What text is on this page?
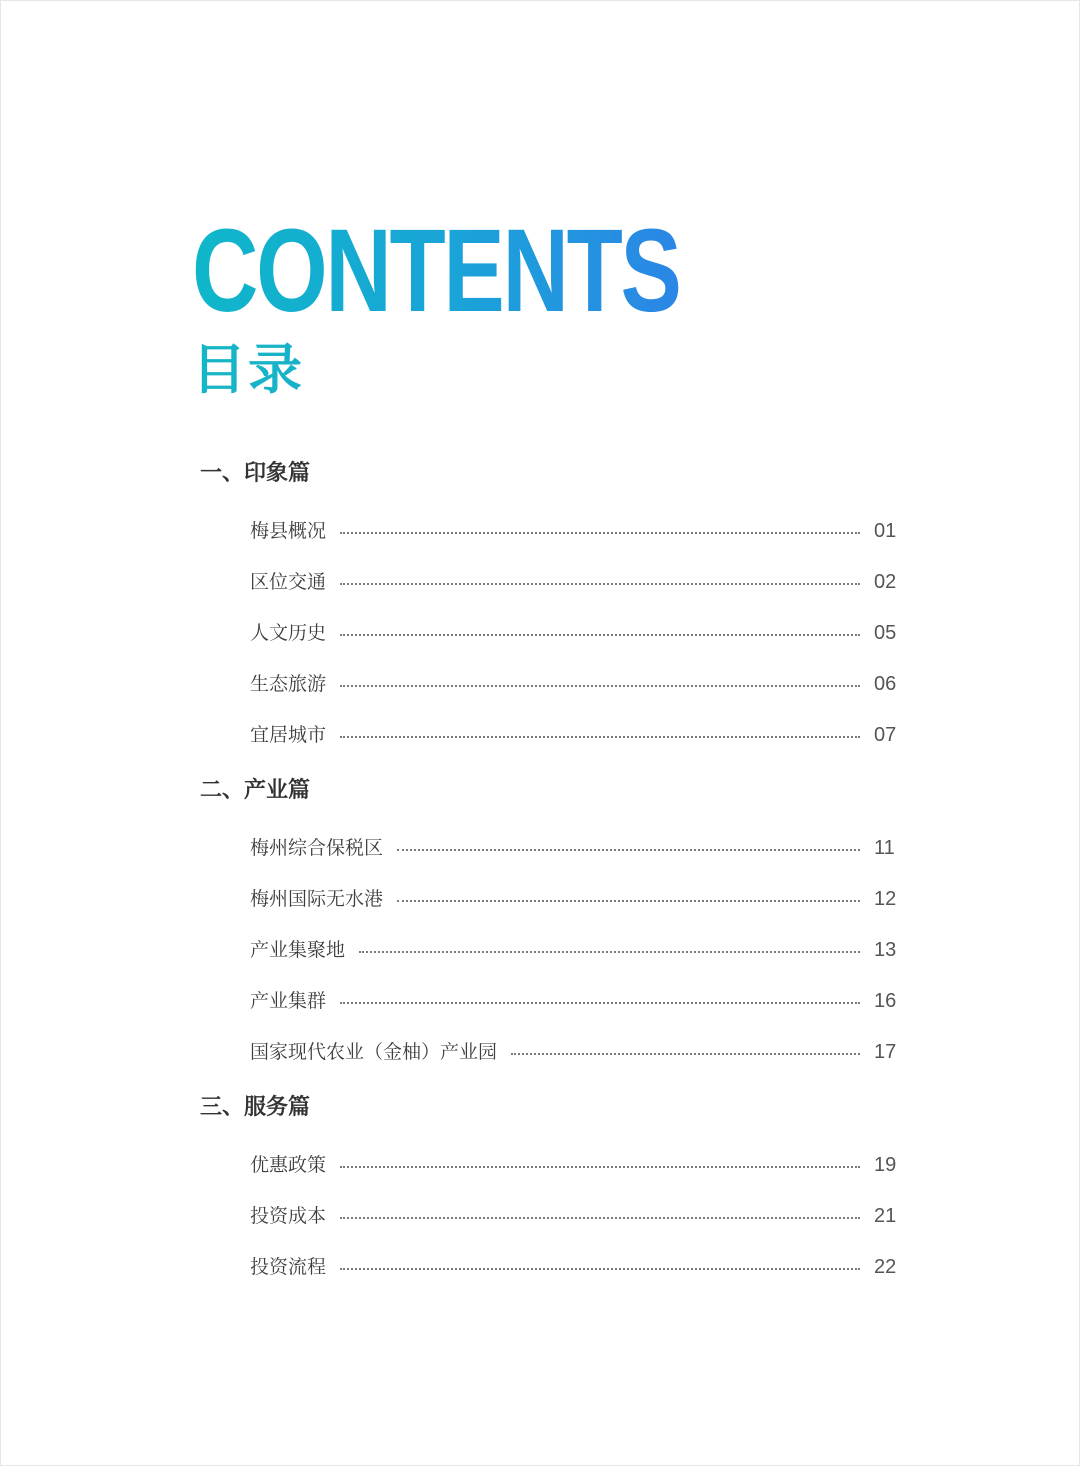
CONTENTS
目录
一、印象篇
梅县概况	01
区位交通	02
人文历史	05
生态旅游	06
宜居城市	07
二、产业篇
梅州综合保税区	11
梅州国际无水港	12
产业集聚地	13
产业集群	16
国家现代农业（金柚）产业园	17
三、服务篇
优惠政策	19
投资成本	21
投资流程	22
